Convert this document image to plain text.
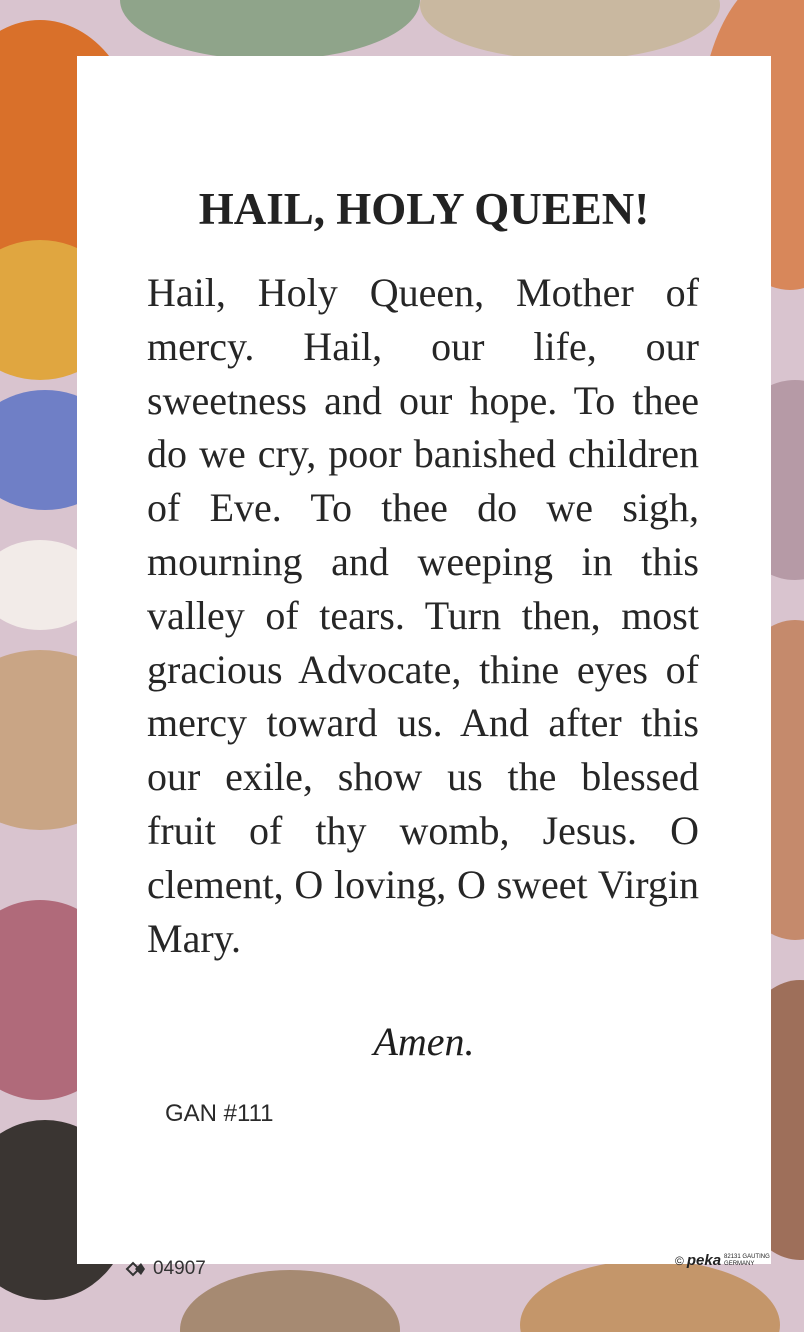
HAIL, HOLY QUEEN!

Hail, Holy Queen, Mother of mercy. Hail, our life, our sweetness and our hope. To thee do we cry, poor banished children of Eve. To thee do we sigh, mourning and weeping in this valley of tears. Turn then, most gracious Advocate, thine eyes of mercy toward us. And after this our exile, show us the blessed fruit of thy womb, Jesus. O clement, O loving, O sweet Virgin Mary.

Amen.

GAN #111
04907	© peka 82131 GAUTING GERMANY
